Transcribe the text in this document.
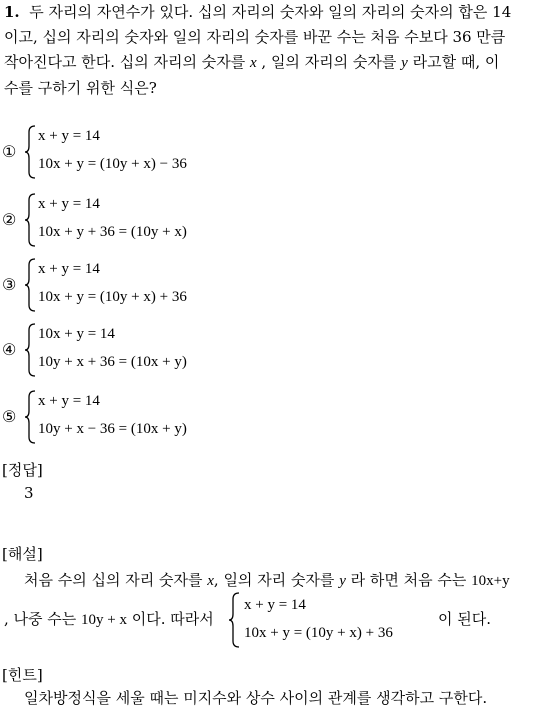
1. 두 자리의 자연수가 있다. 십의 자리의 숫자와 일의 자리의 숫자의 합은 14
이고, 십의 자리의 숫자와 일의 자리의 숫자를 바꾼 수는 처음 수보다 36 만큼
작아진다고 한다. 십의 자리의 숫자를 x , 일의 자리의 숫자를 y 라고할 때, 이
수를 구하기 위한 식은?
①
x + y = 14
10x + y = (10y + x) − 36
②
x + y = 14
10x + y + 36 = (10y + x)
③
x + y = 14
10x + y = (10y + x) + 36
④
10x + y = 14
10y + x + 36 = (10x + y)
⑤
x + y = 14
10y + x − 36 = (10x + y)
[정답]
3
[해설]
처음 수의 십의 자리 숫자를 x, 일의 자리 숫자를 y 라 하면 처음 수는 10x+y
, 나중 수는 10y + x 이다. 따라서
x + y = 14
10x + y = (10y + x) + 36
이 된다.
[힌트]
일차방정식을 세울 때는 미지수와 상수 사이의 관계를 생각하고 구한다.
